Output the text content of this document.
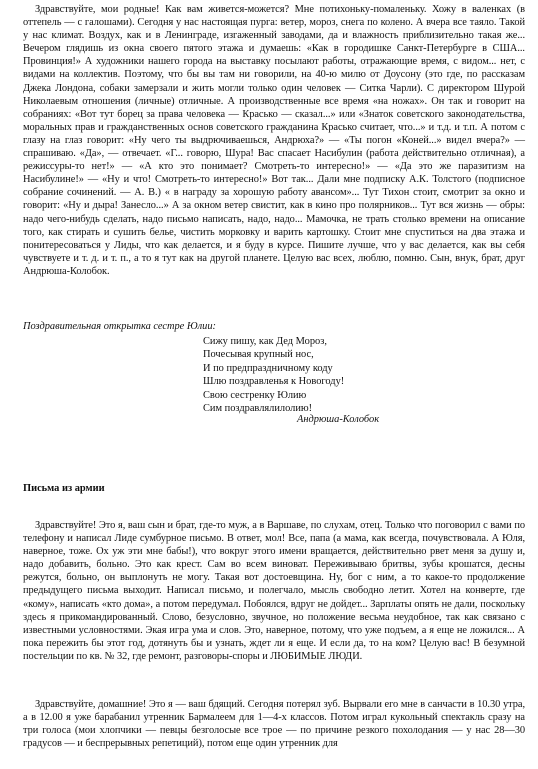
Здравствуйте, мои родные! Как вам живется-можется? Мне потихоньку-помаленьку. Хожу в валенках (в оттепель — с галошами). Сегодня у нас настоящая пурга: ветер, мороз, снега по колено. А вчера все таяло. Такой у нас климат. Воздух, как и в Ленинграде, изгаженный заводами, да и влажность приблизительно такая же... Вечером глядишь из окна своего пятого этажа и думаешь: «Как в городишке Санкт-Петербурге в США... Провинция!» А художники нашего города на выставку посылают работы, отражающие время, с видом... нет, с видами на коллектив. Поэтому, что бы вы там ни говорили, на 40-ю милю от Доусону (это где, по рассказам Джека Лондона, собаки замерзали и жить могли только один человек — Ситка Чарли). С директором Шурой Николаевым отношения (личные) отличные. А производственные все время «на ножах». Он так и говорит на собраниях: «Вот тут борец за права человека — Красько — сказал...» или «Знаток советского законодательства, моральных прав и гражданственных основ советского гражданина Красько считает, что...» и т.д. и т.п. А потом с глазу на глаз говорит: «Ну чего ты выдрючиваешься, Андрюха?» — «Ты погон «Коней...» видел вчера?» — спрашиваю. «Да», — отвечает. «Г... говорю, Шура! Вас спасает Насибулин (работа действительно отличная), а режиссуры-то нет!» — «А кто это понимает? Смотреть-то интересно!» — «Да это же паразитизм на Насибулине!» — «Ну и что! Смотреть-то интересно!» Вот так... Дали мне подписку А.К. Толстого (подписное собрание сочинений. — А. В.) « в награду за хорошую работу авансом»... Тут Тихон стоит, смотрит за окно и говорит: «Ну и дыра! Занесло...» А за окном ветер свистит, как в кино про полярников... Тут вся жизнь — обры: надо чего-нибудь сделать, надо письмо написать, надо, надо... Мамочка, не трать столько времени на описание того, как стирать и сушить белье, чистить морковку и варить картошку. Стоит мне спуститься на два этажа и понитересоваться у Лиды, что как делается, и я буду в курсе. Пишите лучше, что у вас делается, как вы себя чувствуете и т. д. и т. п., а то я тут как на другой планете. Целую вас всех, люблю, помню. Сын, внук, брат, друг Андрюша-Колобок.

Поздравительная открытка сестре Юлии:

Сижу пишу, как Дед Мороз,
Почесывая крупный нос,
И по предпраздничному коду
Шлю поздравленья к Новогоду!
Свою сестренку Юлию
Сим поздравлялилолию!

Андрюша-Колобок

Письма из армии

Здравствуйте! Это я, ваш сын и брат, где-то муж, а в Варшаве, по слухам, отец. Только что поговорил с вами по телефону и написал Лиде сумбурное письмо. В ответ, мол! Все, папа (а мама, как всегда, почувствовала. А Юля, наверное, тоже. Ох уж эти мне бабы!), что вокруг этого имени вращается, действительно рвет меня за душу и, надо добавить, больно. Это как крест. Сам во всем виноват. Переживываю бритвы, зубы крошатся, десны режутся, больно, он выплонуть не могу. Такая вот достоевщина. Ну, бог с ним, а то какое-то продолжение предыдущего письма выходит. Написал письмо, и полегчало, мысль свободно летит. Хотел на конверте, где «кому», написать «кто дома», а потом передумал. Побоялся, вдруг не дойдет... Зарплаты опять не дали, поскольку здесь я прикомандированный. Слово, безусловно, звучное, но положение весьма неудобное, так как связано с известными условностями. Экая игра ума и слов. Это, наверное, потому, что уже подъем, а я еще не ложился... А пока пережить бы этот год, дотянуть бы и узнать, ждет ли я еще. И если да, то на ком? Целую вас! В безумной постельции по кв. № 32, где ремонт, разговоры-споры и ЛЮБИМЫЕ ЛЮДИ.

Здравствуйте, домашние! Это я — ваш бдящий. Сегодня потерял зуб. Вырвали его мне в санчасти в 10.30 утра, а в 12.00 я уже барабанил утренник Бармалеем для 1—4-х классов. Потом играл кукольный спектакль сразу на три голоса (мои хлопчики — певцы безголосые все трое — по причине резкого похолодания — у нас 28—30 градусов — и беспрерывных репетиций), потом еще один утренник для
